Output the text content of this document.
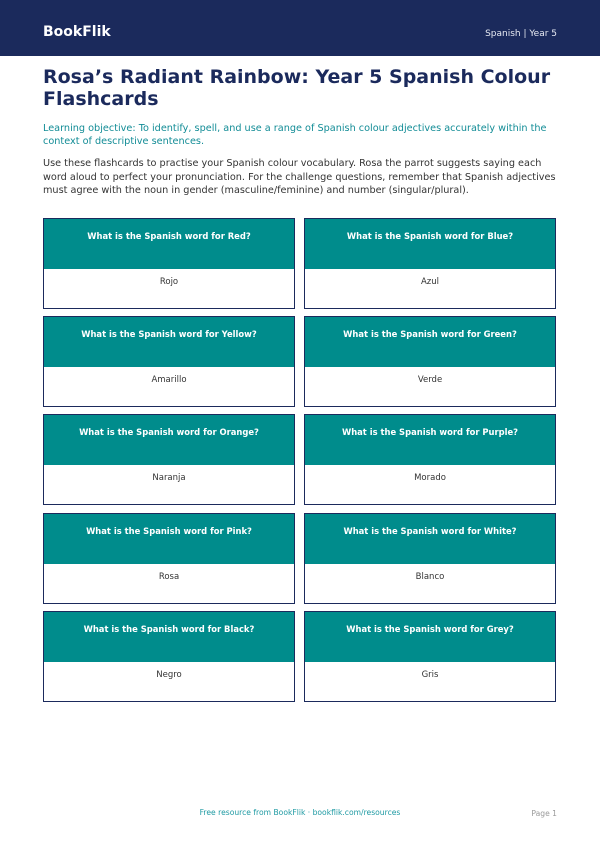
BookFlik	Spanish | Year 5
Rosa’s Radiant Rainbow: Year 5 Spanish Colour Flashcards

Learning objective: To identify, spell, and use a range of Spanish colour adjectives accurately within the context of descriptive sentences.

Use these flashcards to practise your Spanish colour vocabulary. Rosa the parrot suggests saying each word aloud to perfect your pronunciation. For the challenge questions, remember that Spanish adjectives must agree with the noun in gender (masculine/feminine) and number (singular/plural).

What is the Spanish word for Red?
Rojo
What is the Spanish word for Blue?
Azul
What is the Spanish word for Yellow?
Amarillo
What is the Spanish word for Green?
Verde
What is the Spanish word for Orange?
Naranja
What is the Spanish word for Purple?
Morado
What is the Spanish word for Pink?
Rosa
What is the Spanish word for White?
Blanco
What is the Spanish word for Black?
Negro
What is the Spanish word for Grey?
Gris
Free resource from BookFlik · bookflik.com/resources	Page 1
